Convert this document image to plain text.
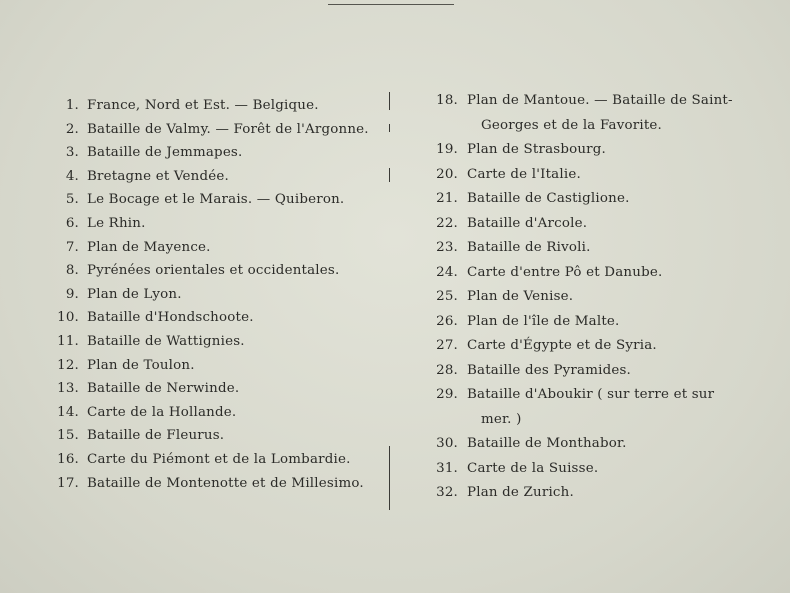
1. France, Nord et Est. — Belgique.
2. Bataille de Valmy. — Forêt de l'Argonne.
3. Bataille de Jemmapes.
4. Bretagne et Vendée.
5. Le Bocage et le Marais. — Quiberon.
6. Le Rhin.
7. Plan de Mayence.
8. Pyrénées orientales et occidentales.
9. Plan de Lyon.
10. Bataille d'Hondschoote.
11. Bataille de Wattignies.
12. Plan de Toulon.
13. Bataille de Nerwinde.
14. Carte de la Hollande.
15. Bataille de Fleurus.
16. Carte du Piémont et de la Lombardie.
17. Bataille de Montenotte et de Millesimo.
18. Plan de Mantoue. — Bataille de Saint-
Georges et de la Favorite.
19. Plan de Strasbourg.
20. Carte de l'Italie.
21. Bataille de Castiglione.
22. Bataille d'Arcole.
23. Bataille de Rivoli.
24. Carte d'entre Pô et Danube.
25. Plan de Venise.
26. Plan de l'île de Malte.
27. Carte d'Égypte et de Syria.
28. Bataille des Pyramides.
29. Bataille d'Aboukir ( sur terre et sur
mer. )
30. Bataille de Monthabor.
31. Carte de la Suisse.
32. Plan de Zurich.
